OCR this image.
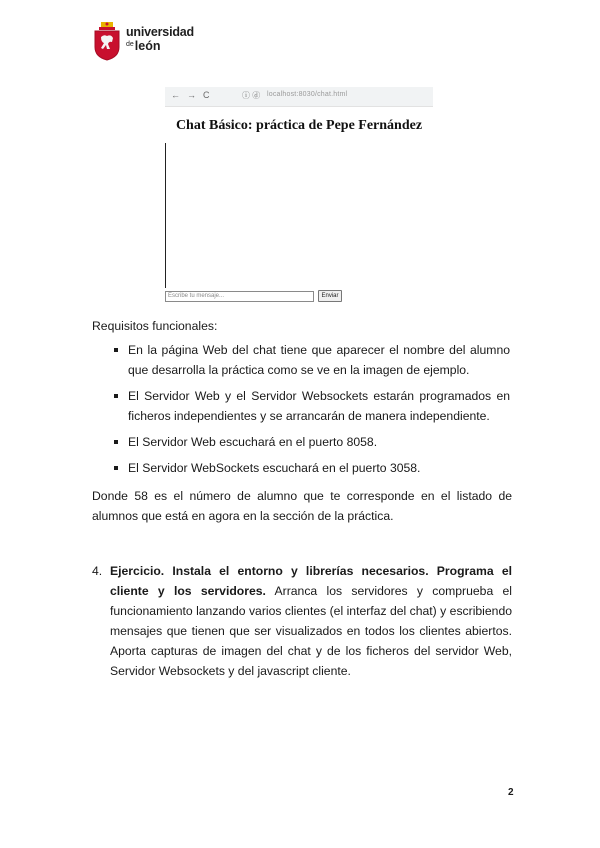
universidad
$^{de}$león
← → C	ⓘ ⓓ localhost:8030/chat.html
Chat Básico: práctica de Pepe Fernández
Escribe tu mensaje...	Enviar
Requisitos funcionales:
En la página Web del chat tiene que aparecer el nombre del alumno que desarrolla la práctica como se ve en la imagen de ejemplo.
El Servidor Web y el Servidor Websockets estarán programados en ficheros independientes y se arrancarán de manera independiente.
El Servidor Web escuchará en el puerto 8058.
El Servidor WebSockets escuchará en el puerto 3058.
Donde 58 es el número de alumno que te corresponde en el listado de alumnos que está en agora en la sección de la práctica.
4. Ejercicio. Instala el entorno y librerías necesarios. Programa el cliente y los servidores. Arranca los servidores y comprueba el funcionamiento lanzando varios clientes (el interfaz del chat) y escribiendo mensajes que tienen que ser visualizados en todos los clientes abiertos. Aporta capturas de imagen del chat y de los ficheros del servidor Web, Servidor Websockets y del javascript cliente.
2
